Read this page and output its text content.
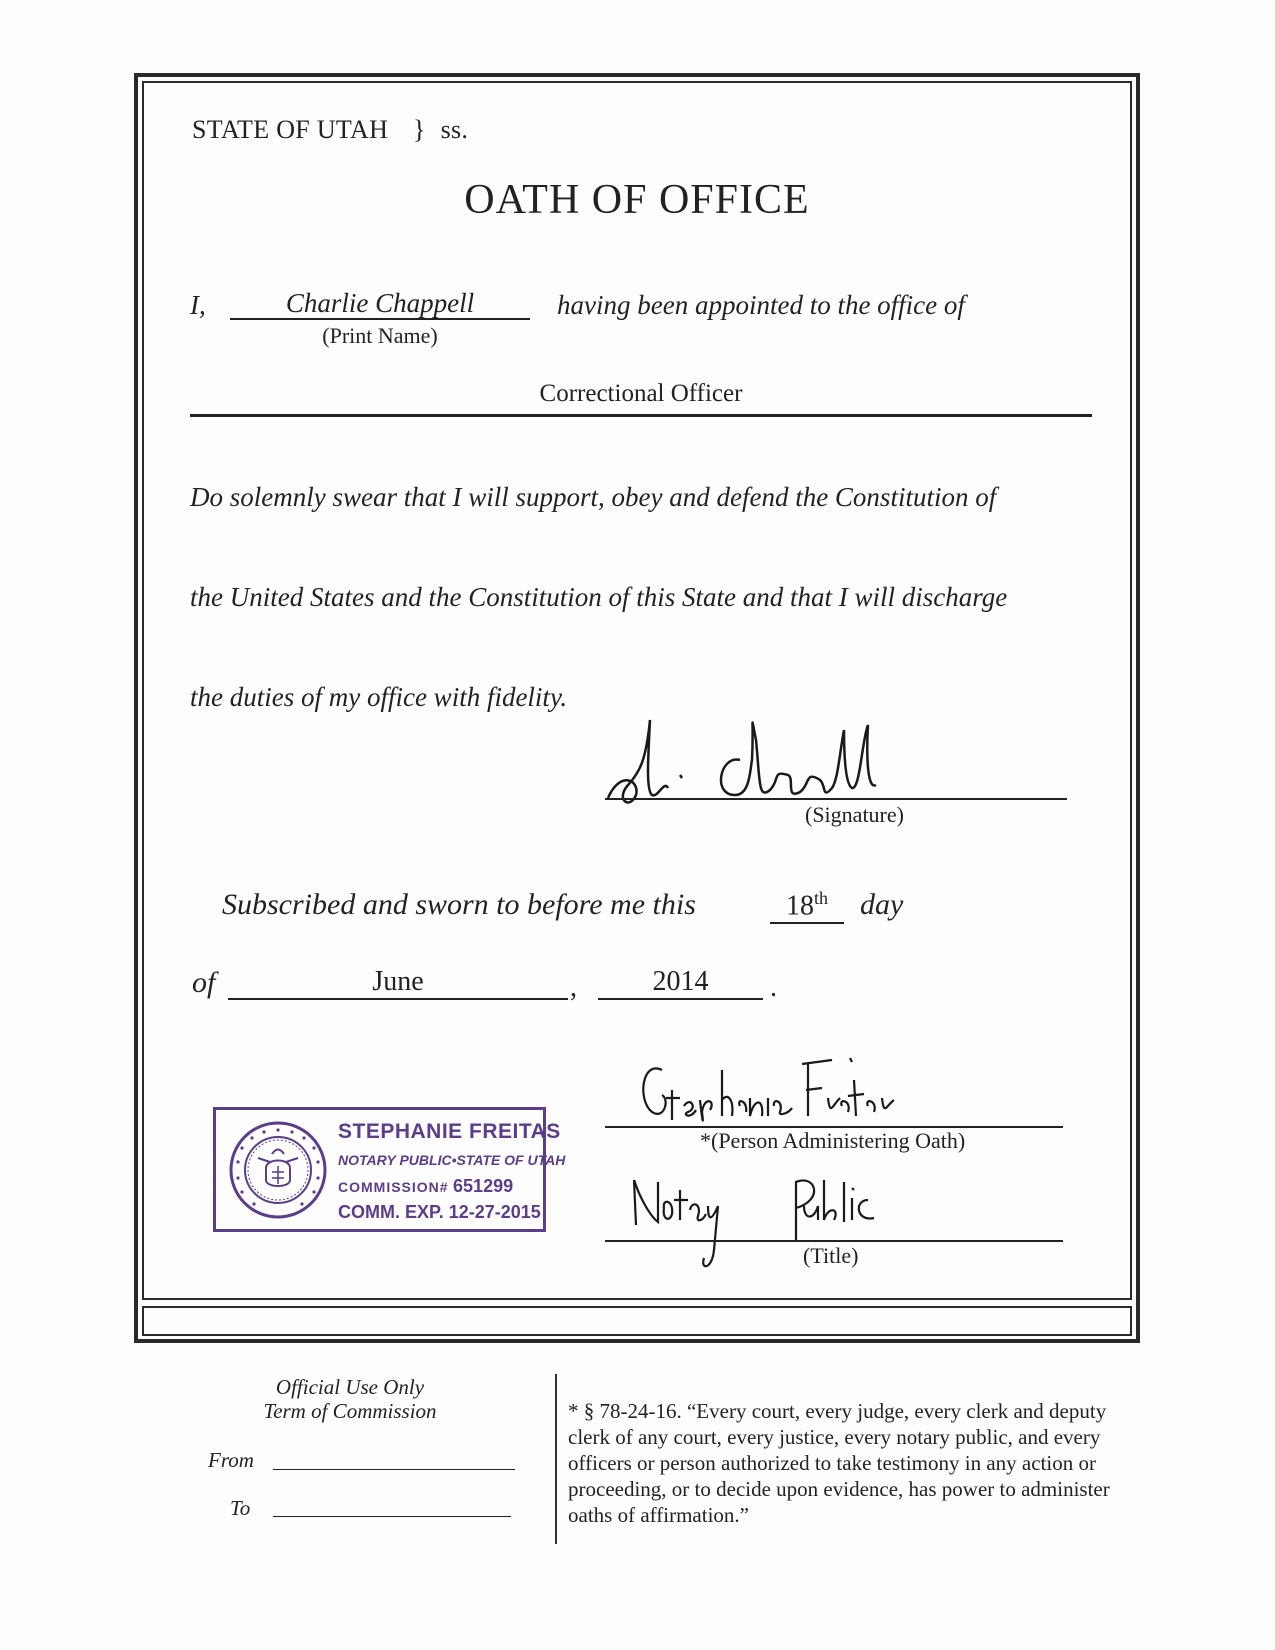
STATE OF UTAH } ss.
OATH OF OFFICE
I,	Charlie Chappell
(Print Name)
having been appointed to the office of
Correctional Officer
Do solemnly swear that I will support, obey and defend the Constitution of
the United States and the Constitution of this State and that I will discharge
the duties of my office with fidelity.
(Signature)
Subscribed and sworn to before me this	18th	day
of	June	,	2014	.
*(Person Administering Oath)
(Title)
STEPHANIE FREITAS
NOTARY PUBLIC•STATE OF UTAH
COMMISSION# 651299
COMM. EXP. 12-27-2015
Official Use Only
Term of Commission
From
To
* § 78-24-16. “Every court, every judge, every clerk and deputy clerk of any court, every justice, every notary public, and every officers or person authorized to take testimony in any action or proceeding, or to decide upon evidence, has power to administer oaths of affirmation.”
